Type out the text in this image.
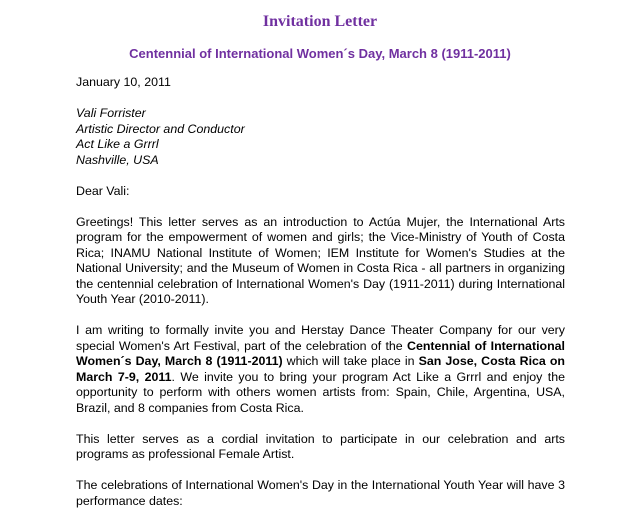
Invitation Letter
Centennial of International Women´s Day, March 8 (1911-2011)

January 10, 2011

Vali Forrister

Artistic Director and Conductor

Act Like a Grrrl

Nashville, USA

Dear Vali:

Greetings! This letter serves as an introduction to Actúa Mujer, the International Arts program for the empowerment of women and girls; the Vice-Ministry of Youth of Costa Rica; INAMU National Institute of Women; IEM Institute for Women's Studies at the National University; and the Museum of Women in Costa Rica - all partners in organizing the centennial celebration of International Women's Day (1911-2011) during International Youth Year (2010-2011).

I am writing to formally invite you and Herstay Dance Theater Company for our very special Women's Art Festival, part of the celebration of the Centennial of International Women´s Day, March 8 (1911-2011) which will take place in San Jose, Costa Rica on March 7-9, 2011. We invite you to bring your program Act Like a Grrrl and enjoy the opportunity to perform with others women artists from: Spain, Chile, Argentina, USA, Brazil, and 8 companies from Costa Rica.

This letter serves as a cordial invitation to participate in our celebration and arts programs as professional Female Artist.

The celebrations of International Women's Day in the International Youth Year will have 3 performance dates:
